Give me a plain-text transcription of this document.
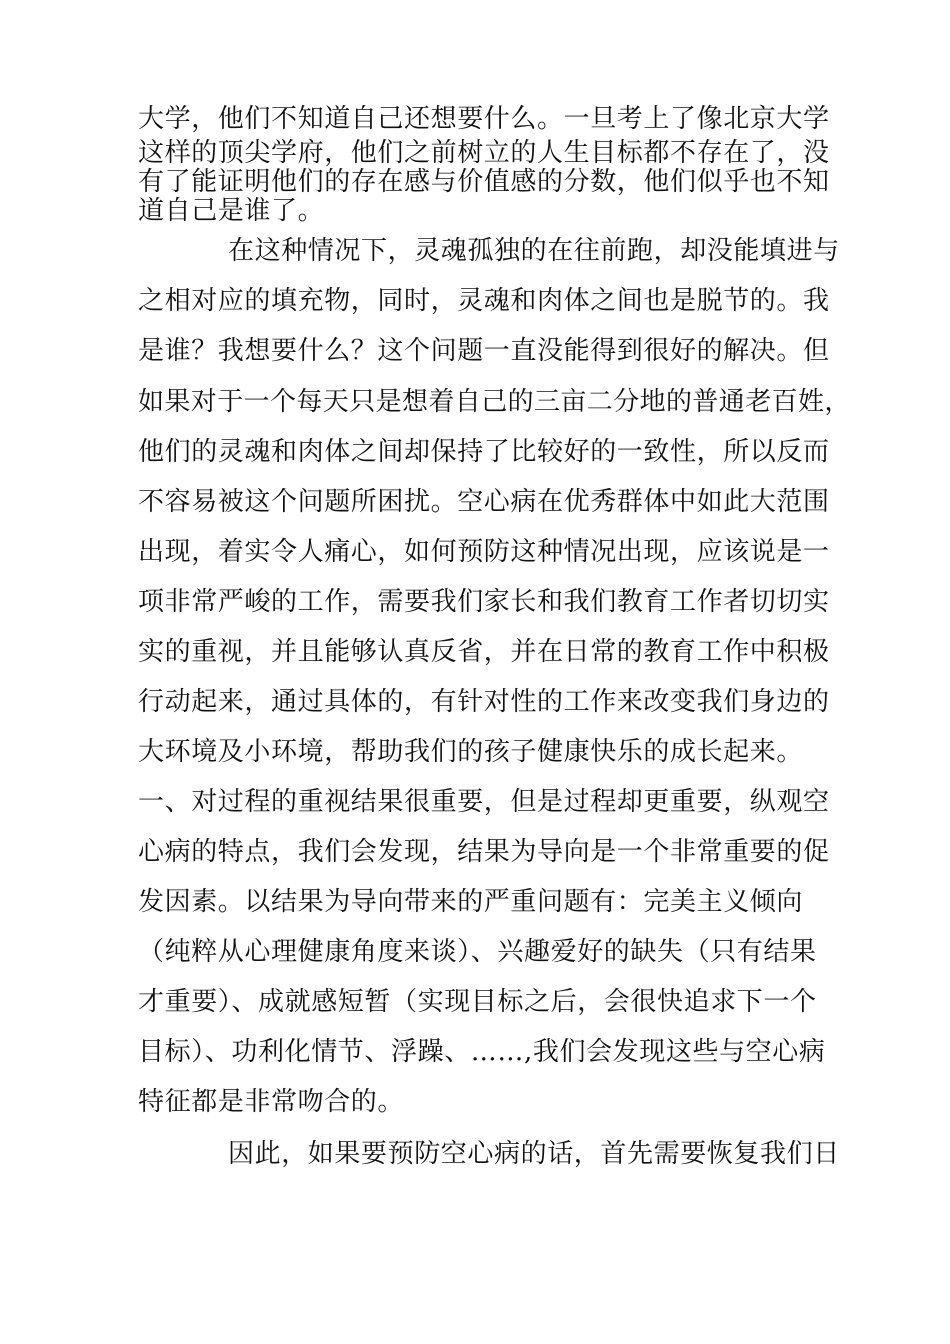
大学，他们不知道自己还想要什么。一旦考上了像北京大学
这样的顶尖学府，他们之前树立的人生目标都不存在了，没
有了能证明他们的存在感与价值感的分数，他们似乎也不知
道自己是谁了。
在这种情况下，灵魂孤独的在往前跑，却没能填进与
之相对应的填充物，同时，灵魂和肉体之间也是脱节的。我
是谁？我想要什么？这个问题一直没能得到很好的解决。但
如果对于一个每天只是想着自己的三亩二分地的普通老百姓，
他们的灵魂和肉体之间却保持了比较好的一致性，所以反而
不容易被这个问题所困扰。空心病在优秀群体中如此大范围
出现，着实令人痛心，如何预防这种情况出现，应该说是一
项非常严峻的工作，需要我们家长和我们教育工作者切切实
实的重视，并且能够认真反省，并在日常的教育工作中积极
行动起来，通过具体的，有针对性的工作来改变我们身边的
大环境及小环境，帮助我们的孩子健康快乐的成长起来。
一、对过程的重视结果很重要，但是过程却更重要，纵观空
心病的特点，我们会发现，结果为导向是一个非常重要的促
发因素。以结果为导向带来的严重问题有：完美主义倾向
（纯粹从心理健康角度来谈）、兴趣爱好的缺失（只有结果
才重要）、成就感短暂（实现目标之后，会很快追求下一个
目标）、功利化情节、浮躁、……,我们会发现这些与空心病
特征都是非常吻合的。
因此，如果要预防空心病的话，首先需要恢复我们日
